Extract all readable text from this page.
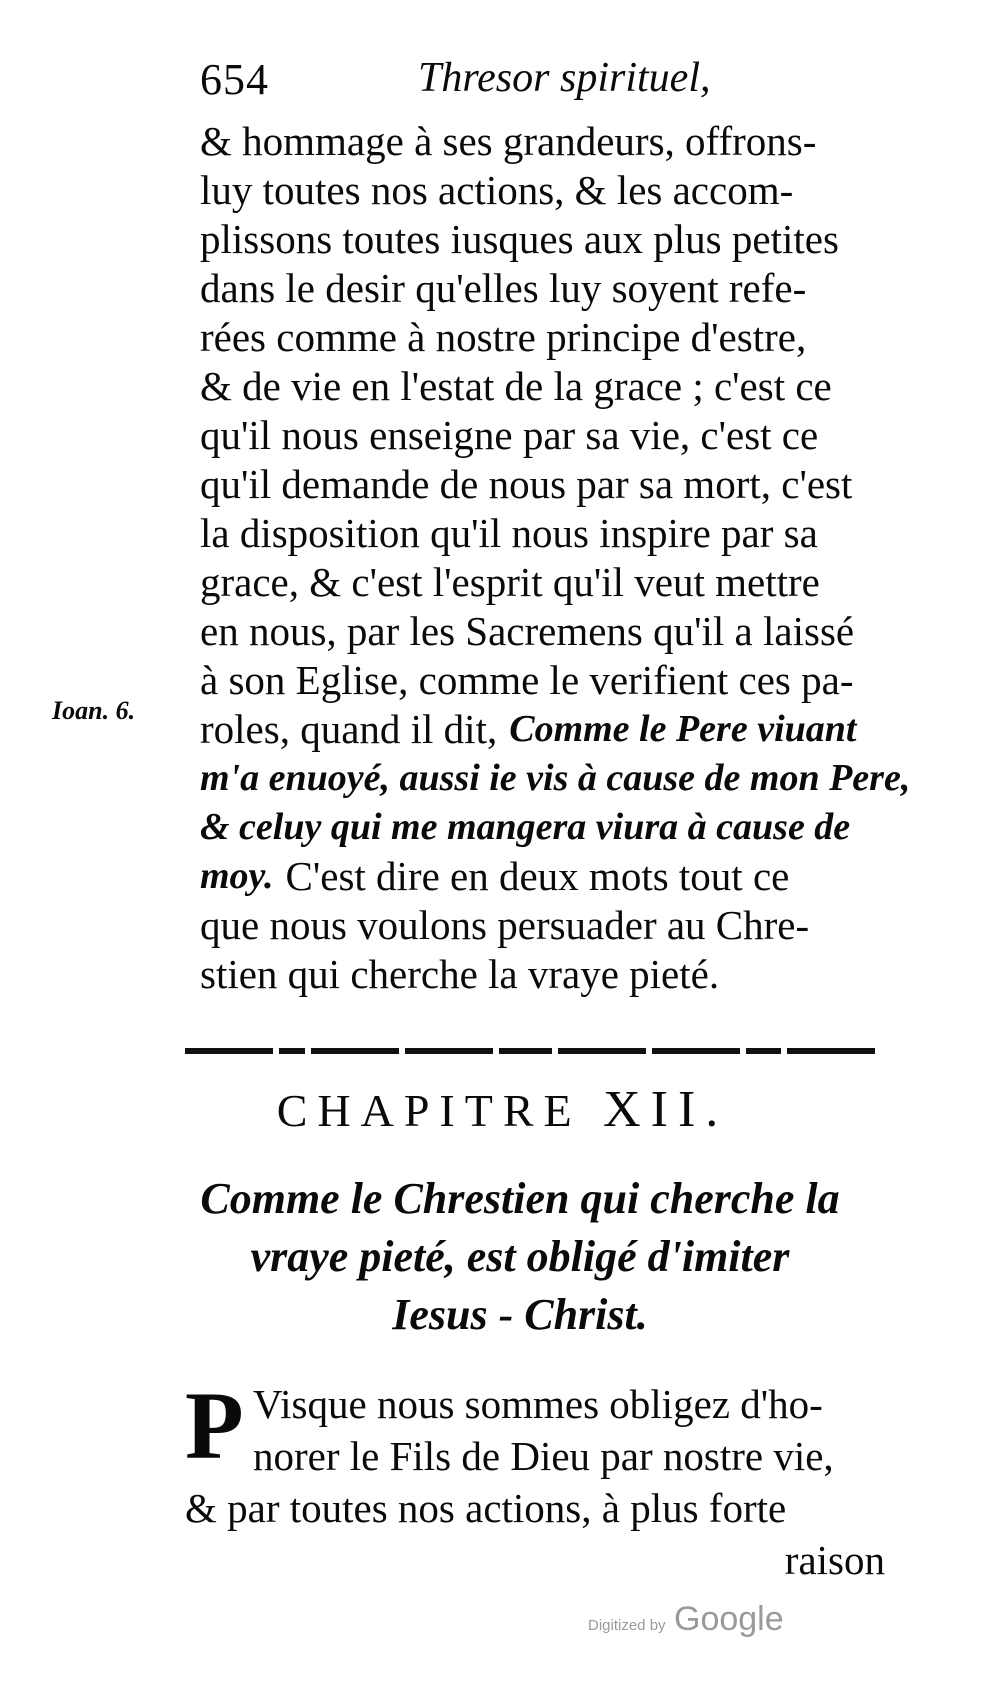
654	Thresor spirituel,
& hommage à ses grandeurs, offrons-
luy toutes nos actions, & les accom-
plissons toutes iusques aux plus petites
dans le desir qu'elles luy soyent refe-
rées comme à nostre principe d'estre,
& de vie en l'estat de la grace ; c'est ce
qu'il nous enseigne par sa vie, c'est ce
qu'il demande de nous par sa mort, c'est
la disposition qu'il nous inspire par sa
grace, & c'est l'esprit qu'il veut mettre
en nous, par les Sacremens qu'il a laissé
à son Eglise, comme le verifient ces pa-
roles, quand il dit, Comme le Pere viuant
m'a enuoyé, aussi ie vis à cause de mon Pere,
& celuy qui me mangera viura à cause de
moy. C'est dire en deux mots tout ce
que nous voulons persuader au Chre-
stien qui cherche la vraye pieté.
Ioan. 6.
CHAPITRE XII.
Comme le Chrestien qui cherche la
vraye pieté, est obligé d'imiter
Iesus - Christ.
P Visque nous sommes obligez d'ho-
norer le Fils de Dieu par nostre vie,
& par toutes nos actions, à plus forte
raison
Digitized by Google
